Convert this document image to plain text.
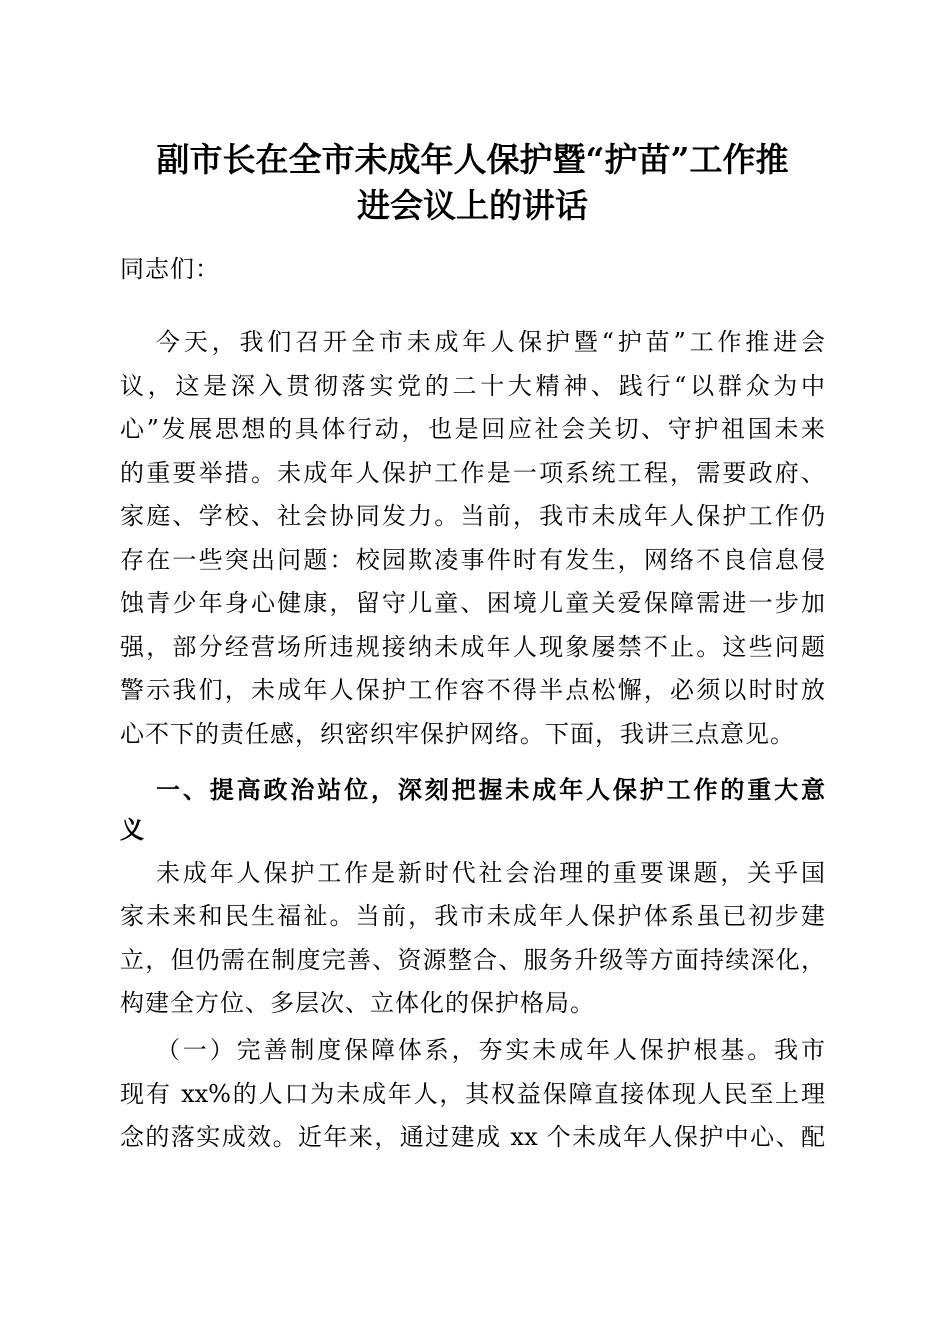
副市长在全市未成年人保护暨“护苗”工作推
进会议上的讲话
同志们：
今天，我们召开全市未成年人保护暨“护苗”工作推进会
议，这是深入贯彻落实党的二十大精神、践行“以群众为中
心”发展思想的具体行动，也是回应社会关切、守护祖国未来
的重要举措。未成年人保护工作是一项系统工程，需要政府、
家庭、学校、社会协同发力。当前，我市未成年人保护工作仍
存在一些突出问题：校园欺凌事件时有发生，网络不良信息侵
蚀青少年身心健康，留守儿童、困境儿童关爱保障需进一步加
强，部分经营场所违规接纳未成年人现象屡禁不止。这些问题
警示我们，未成年人保护工作容不得半点松懈，必须以时时放
心不下的责任感，织密织牢保护网络。下面，我讲三点意见。
一、提高政治站位，深刻把握未成年人保护工作的重大意
义
未成年人保护工作是新时代社会治理的重要课题，关乎国
家未来和民生福祉。当前，我市未成年人保护体系虽已初步建
立，但仍需在制度完善、资源整合、服务升级等方面持续深化，
构建全方位、多层次、立体化的保护格局。
（一）完善制度保障体系，夯实未成年人保护根基。我市
现有 xx%的人口为未成年人，其权益保障直接体现人民至上理
念的落实成效。近年来，通过建成 xx 个未成年人保护中心、配
